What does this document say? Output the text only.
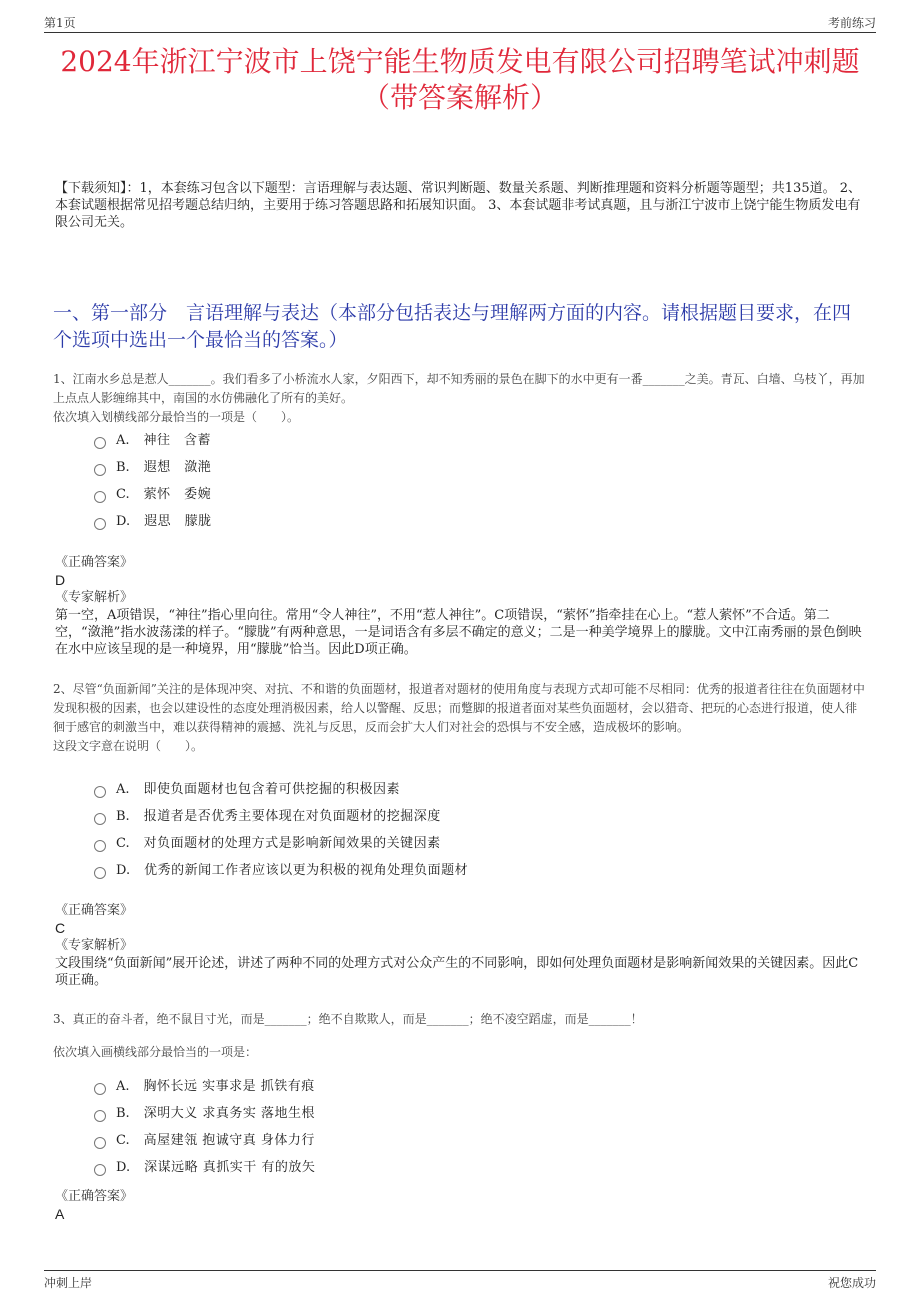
第1页	考前练习
2024年浙江宁波市上饶宁能生物质发电有限公司招聘笔试冲刺题（带答案解析）
【下载须知】：1，本套练习包含以下题型：言语理解与表达题、常识判断题、数量关系题、判断推理题和资料分析题等题型；共135道。 2、本套试题根据常见招考题总结归纳，主要用于练习答题思路和拓展知识面。 3、本套试题非考试真题，且与浙江宁波市上饶宁能生物质发电有限公司无关。
一、第一部分　言语理解与表达（本部分包括表达与理解两方面的内容。请根据题目要求，在四个选项中选出一个最恰当的答案。）

1、江南水乡总是惹人_______。我们看多了小桥流水人家，夕阳西下，却不知秀丽的景色在脚下的水中更有一番_______之美。青瓦、白墙、乌枝丫，再加上点点人影缠绵其中，南国的水仿佛融化了所有的美好。

依次填入划横线部分最恰当的一项是（　　）。

A. 神往　含蓄
B. 遐想　潋滟
C. 萦怀　委婉
D. 遐思　朦胧
《正确答案》
D
《专家解析》
第一空，A项错误，“神往”指心里向往。常用“令人神往”，不用“惹人神往”。C项错误，“萦怀”指牵挂在心上。“惹人萦怀”不合适。第二空，“潋滟”指水波荡漾的样子。“朦胧”有两种意思，一是词语含有多层不确定的意义；二是一种美学境界上的朦胧。文中江南秀丽的景色倒映在水中应该呈现的是一种境界，用“朦胧”恰当。因此D项正确。

2、尽管“负面新闻”关注的是体现冲突、对抗、不和谐的负面题材，报道者对题材的使用角度与表现方式却可能不尽相同：优秀的报道者往往在负面题材中发现积极的因素，也会以建设性的态度处理消极因素，给人以警醒、反思；而蹩脚的报道者面对某些负面题材，会以猎奇、把玩的心态进行报道，使人徘徊于感官的刺激当中，难以获得精神的震撼、洗礼与反思，反而会扩大人们对社会的恐惧与不安全感，造成极坏的影响。

这段文字意在说明（　　）。

A. 即使负面题材也包含着可供挖掘的积极因素
B. 报道者是否优秀主要体现在对负面题材的挖掘深度
C. 对负面题材的处理方式是影响新闻效果的关键因素
D. 优秀的新闻工作者应该以更为积极的视角处理负面题材
《正确答案》
C
《专家解析》
文段围绕“负面新闻”展开论述，讲述了两种不同的处理方式对公众产生的不同影响，即如何处理负面题材是影响新闻效果的关键因素。因此C项正确。

3、真正的奋斗者，绝不鼠目寸光，而是_______；绝不自欺欺人，而是_______；绝不凌空蹈虚，而是_______！

依次填入画横线部分最恰当的一项是：

A. 胸怀长远 实事求是 抓铁有痕
B. 深明大义 求真务实 落地生根
C. 高屋建瓴 抱诚守真 身体力行
D. 深谋远略 真抓实干 有的放矢
《正确答案》
A
冲刺上岸	祝您成功
